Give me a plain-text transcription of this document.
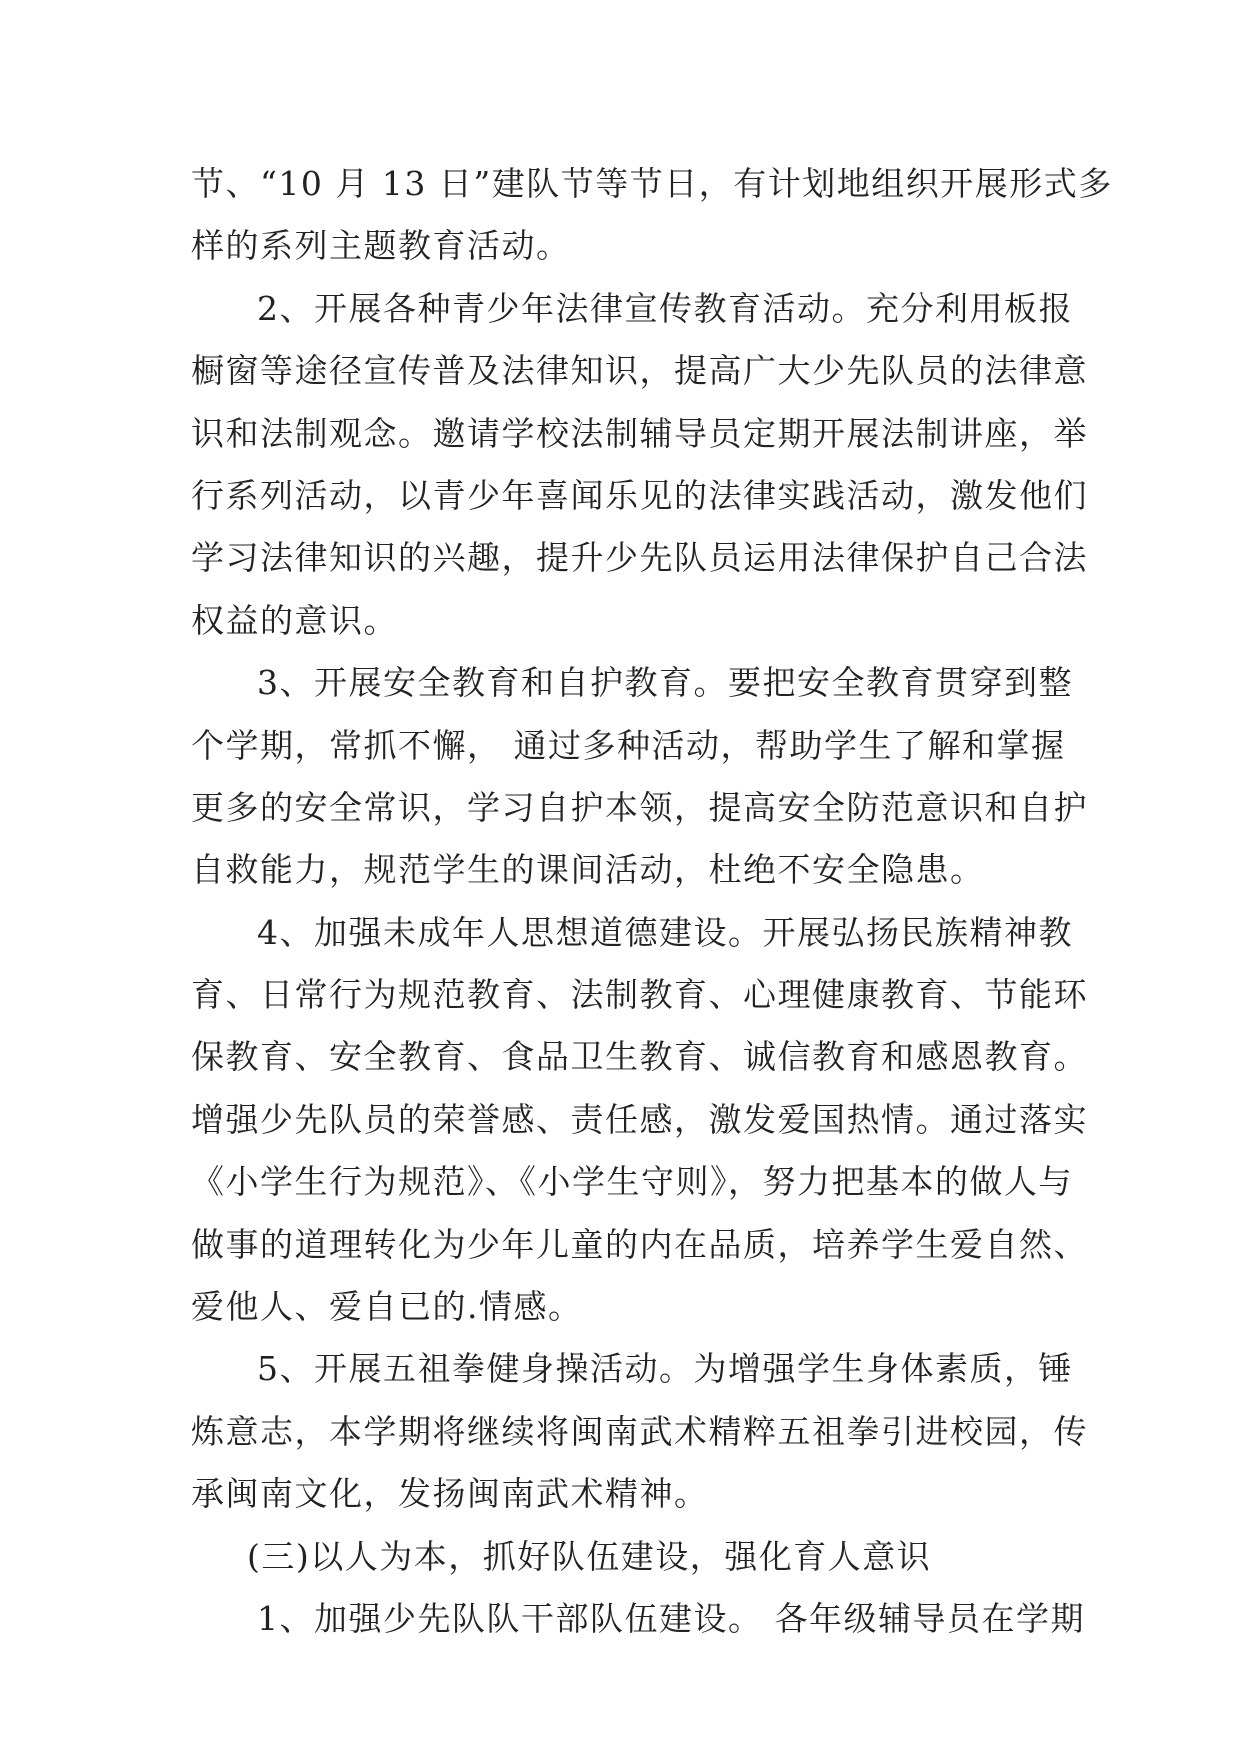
节、“10 月 13 日”建队节等节日，有计划地组织开展形式多
样的系列主题教育活动。
2、开展各种青少年法律宣传教育活动。充分利用板报
橱窗等途径宣传普及法律知识，提高广大少先队员的法律意
识和法制观念。邀请学校法制辅导员定期开展法制讲座，举
行系列活动，以青少年喜闻乐见的法律实践活动，激发他们
学习法律知识的兴趣，提升少先队员运用法律保护自己合法
权益的意识。
3、开展安全教育和自护教育。要把安全教育贯穿到整
个学期，常抓不懈， 通过多种活动，帮助学生了解和掌握
更多的安全常识，学习自护本领，提高安全防范意识和自护
自救能力，规范学生的课间活动，杜绝不安全隐患。
4、加强未成年人思想道德建设。开展弘扬民族精神教
育、日常行为规范教育、法制教育、心理健康教育、节能环
保教育、安全教育、食品卫生教育、诚信教育和感恩教育。
增强少先队员的荣誉感、责任感，激发爱国热情。通过落实
《小学生行为规范》、《小学生守则》，努力把基本的做人与
做事的道理转化为少年儿童的内在品质，培养学生爱自然、
爱他人、爱自已的.情感。
5、开展五祖拳健身操活动。为增强学生身体素质，锤
炼意志，本学期将继续将闽南武术精粹五祖拳引进校园，传
承闽南文化，发扬闽南武术精神。
(三)以人为本，抓好队伍建设，强化育人意识
1、加强少先队队干部队伍建设。 各年级辅导员在学期
